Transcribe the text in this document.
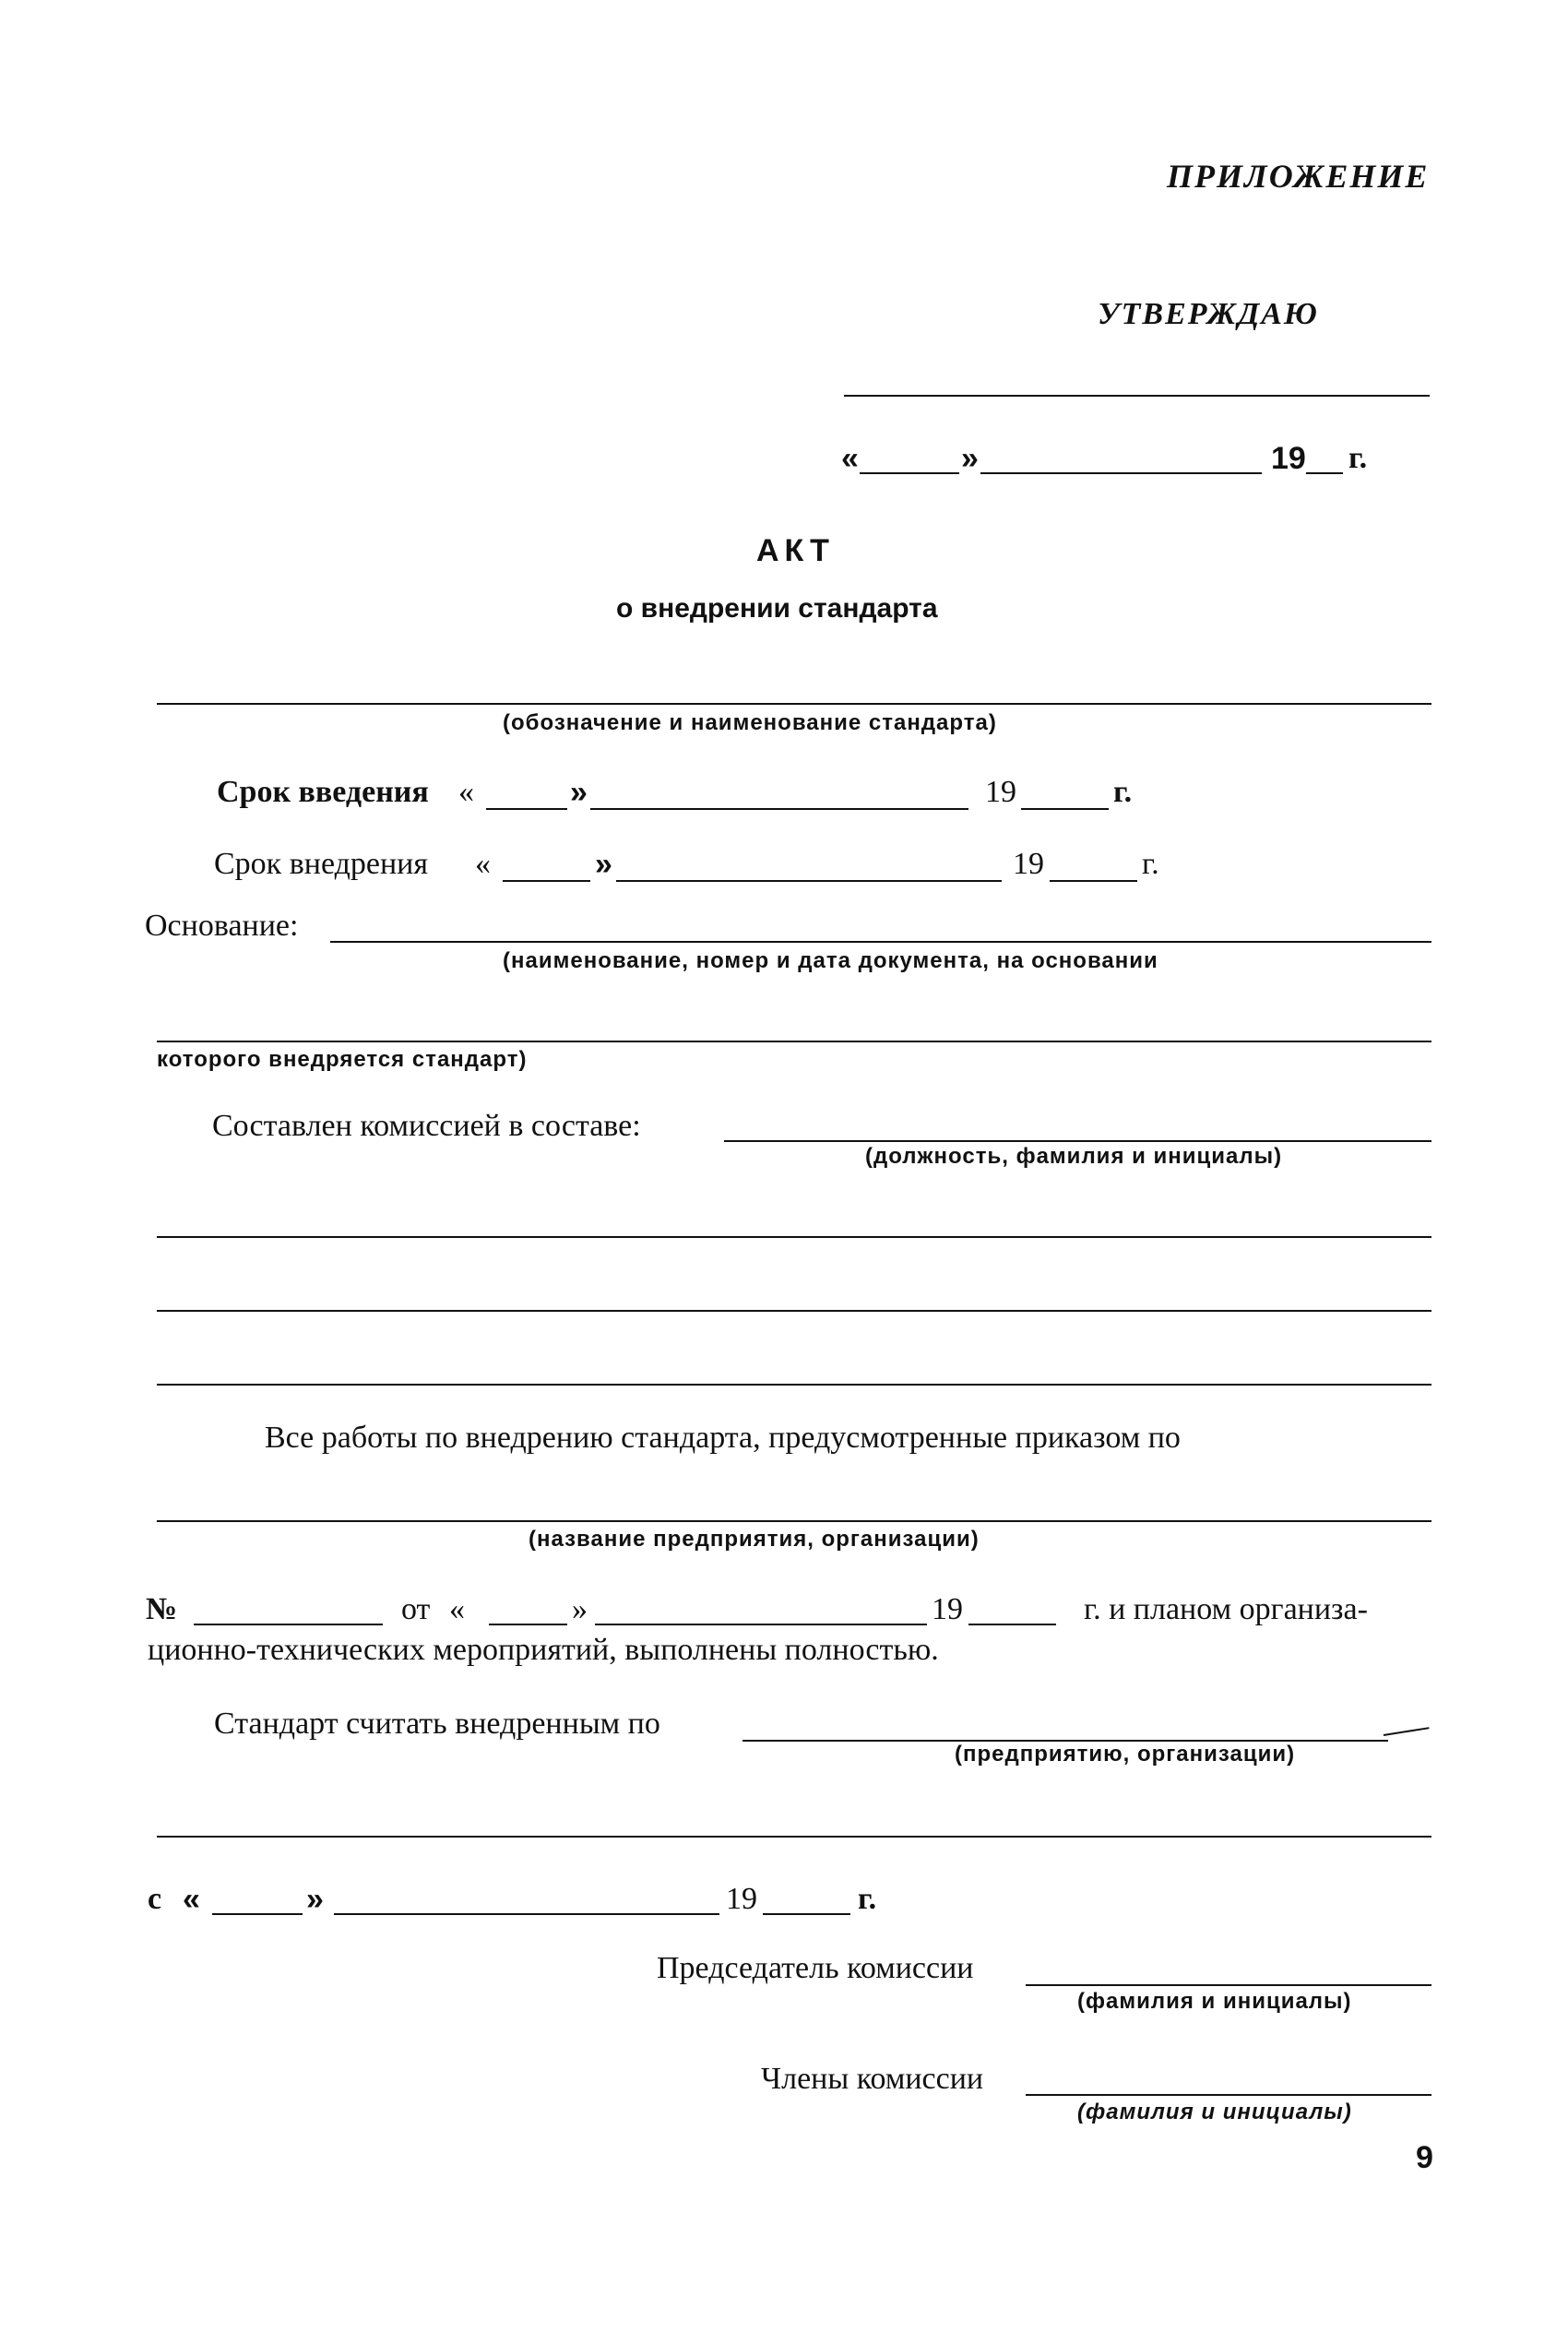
ПРИЛОЖЕНИЕ
УТВЕРЖДАЮ
«	»	19 г.
АКТ
о внедрении стандарта
(обозначение и наименование стандарта)
Срок введения «	»	19	г.
Срок внедрения «	»	19	г.
Основание:
(наименование, номер и дата документа, на основании
которого внедряется стандарт)
Составлен комиссией в составе:
(должность, фамилия и инициалы)
Все работы по внедрению стандарта, предусмотренные приказом по
(название предприятия, организации)
№	от «	»	19	г. и планом организа-
ционно-технических мероприятий, выполнены полностью.
Стандарт считать внедренным по
(предприятию, организации)
с «	»	19	г.
Председатель комиссии
(фамилия и инициалы)
Члены комиссии
(фамилия и инициалы)
9
